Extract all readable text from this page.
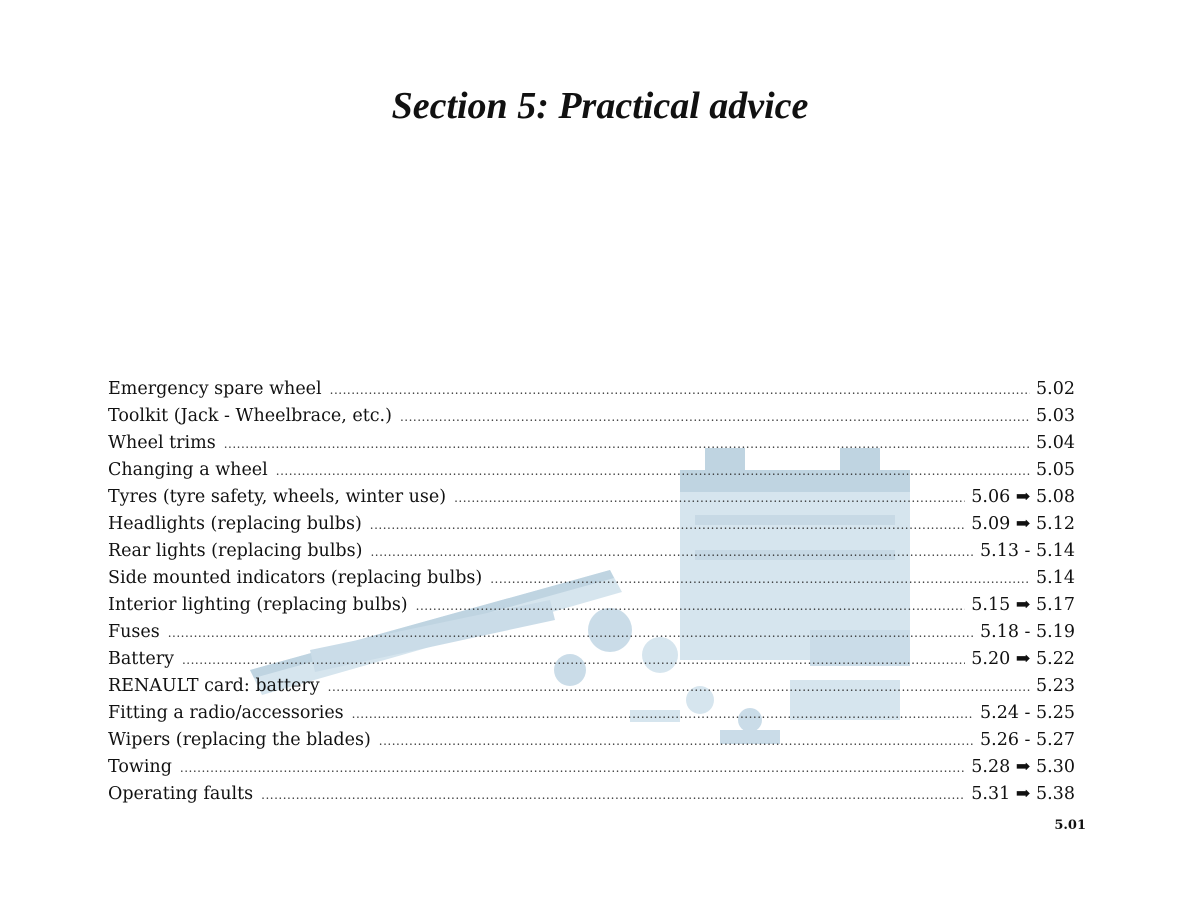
Section 5: Practical advice
Emergency spare wheel .....	5.02
Toolkit (Jack - Wheelbrace, etc.) .....	5.03
Wheel trims .....	5.04
Changing a wheel .....	5.05
Tyres (tyre safety, wheels, winter use) .....	5.06 ➡ 5.08
Headlights (replacing bulbs) .....	5.09 ➡ 5.12
Rear lights (replacing bulbs) .....	5.13 - 5.14
Side mounted indicators (replacing bulbs) .....	5.14
Interior lighting (replacing bulbs) .....	5.15 ➡ 5.17
Fuses .....	5.18 - 5.19
Battery .....	5.20 ➡ 5.22
RENAULT card: battery .....	5.23
Fitting a radio/accessories .....	5.24 - 5.25
Wipers (replacing the blades) .....	5.26 - 5.27
Towing .....	5.28 ➡ 5.30
Operating faults .....	5.31 ➡ 5.38
5.01
